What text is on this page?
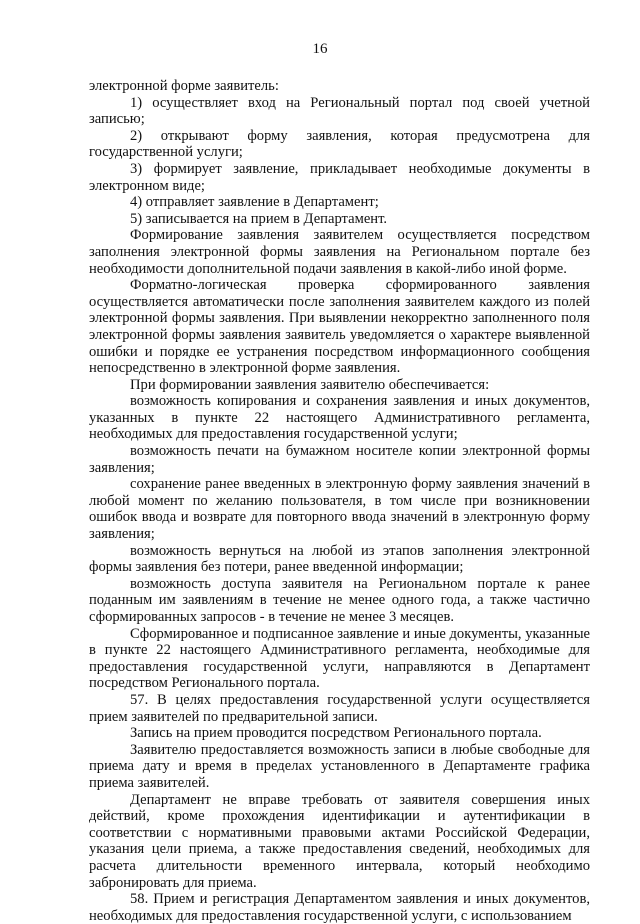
16

электронной форме заявитель:

1) осуществляет вход на Региональный портал под своей учетной записью;

2) открывают форму заявления, которая предусмотрена для государственной услуги;

3) формирует заявление, прикладывает необходимые документы в электронном виде;

4) отправляет заявление в Департамент;

5) записывается на прием в Департамент.

Формирование заявления заявителем осуществляется посредством заполнения электронной формы заявления на Региональном портале без необходимости дополнительной подачи заявления в какой-либо иной форме.

Форматно-логическая проверка сформированного заявления осуществляется автоматически после заполнения заявителем каждого из полей электронной формы заявления. При выявлении некорректно заполненного поля электронной формы заявления заявитель уведомляется о характере выявленной ошибки и порядке ее устранения посредством информационного сообщения непосредственно в электронной форме заявления.

При формировании заявления заявителю обеспечивается:

возможность копирования и сохранения заявления и иных документов, указанных в пункте 22 настоящего Административного регламента, необходимых для предоставления государственной услуги;

возможность печати на бумажном носителе копии электронной формы заявления;

сохранение ранее введенных в электронную форму заявления значений в любой момент по желанию пользователя, в том числе при возникновении ошибок ввода и возврате для повторного ввода значений в электронную форму заявления;

возможность вернуться на любой из этапов заполнения электронной формы заявления без потери, ранее введенной информации;

возможность доступа заявителя на Региональном портале к ранее поданным им заявлениям в течение не менее одного года, а также частично сформированных запросов - в течение не менее 3 месяцев.

Сформированное и подписанное заявление и иные документы, указанные в пункте 22 настоящего Административного регламента, необходимые для предоставления государственной услуги, направляются в Департамент посредством Регионального портала.

57. В целях предоставления государственной услуги осуществляется прием заявителей по предварительной записи.

Запись на прием проводится посредством Регионального портала.

Заявителю предоставляется возможность записи в любые свободные для приема дату и время в пределах установленного в Департаменте графика приема заявителей.

Департамент не вправе требовать от заявителя совершения иных действий, кроме прохождения идентификации и аутентификации в соответствии с нормативными правовыми актами Российской Федерации, указания цели приема, а также предоставления сведений, необходимых для расчета длительности временного интервала, который необходимо забронировать для приема.

58. Прием и регистрация Департаментом заявления и иных документов, необходимых для предоставления государственной услуги, с использованием
